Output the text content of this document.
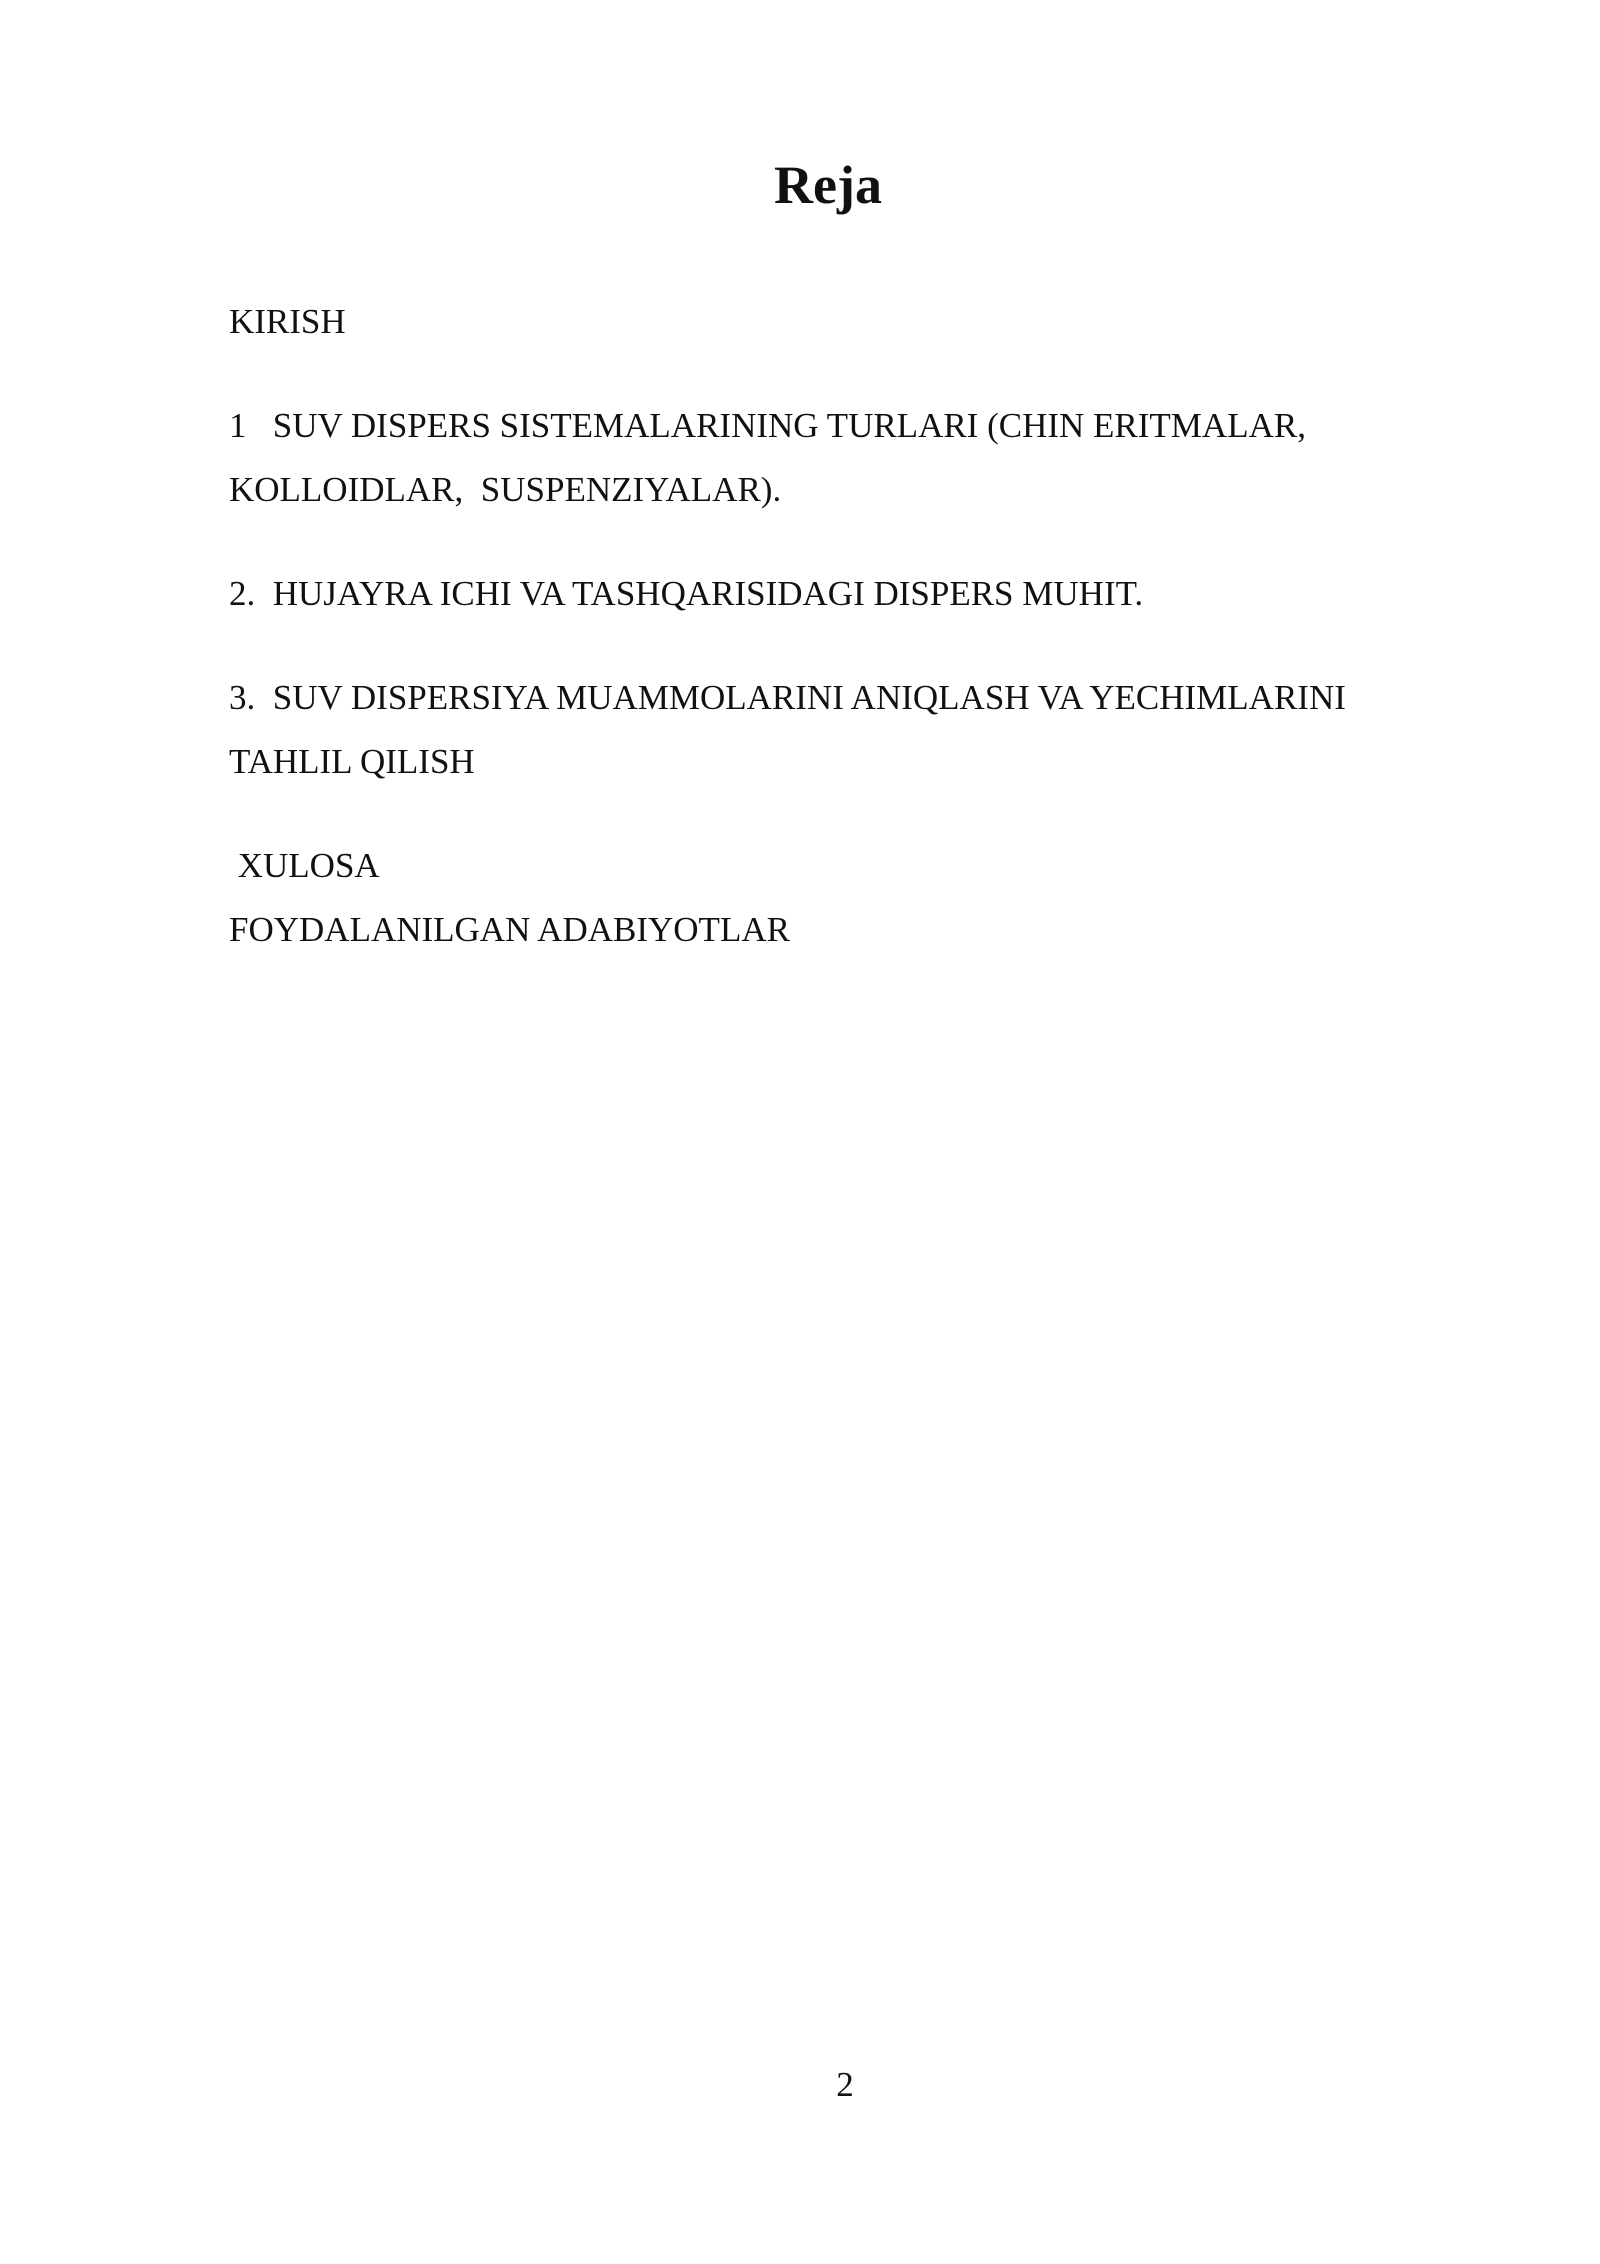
Reja

KIRISH

1   SUV DISPERS SISTEMALARINING TURLARI (CHIN ERITMALAR,

KOLLOIDLAR,  SUSPENZIYALAR).

2.  HUJAYRA ICHI VA TASHQARISIDAGI DISPERS MUHIT.

3.  SUV DISPERSIYA MUAMMOLARINI ANIQLASH VA YECHIMLARINI

TAHLIL QILISH

XULOSA

FOYDALANILGAN ADABIYOTLAR

2
